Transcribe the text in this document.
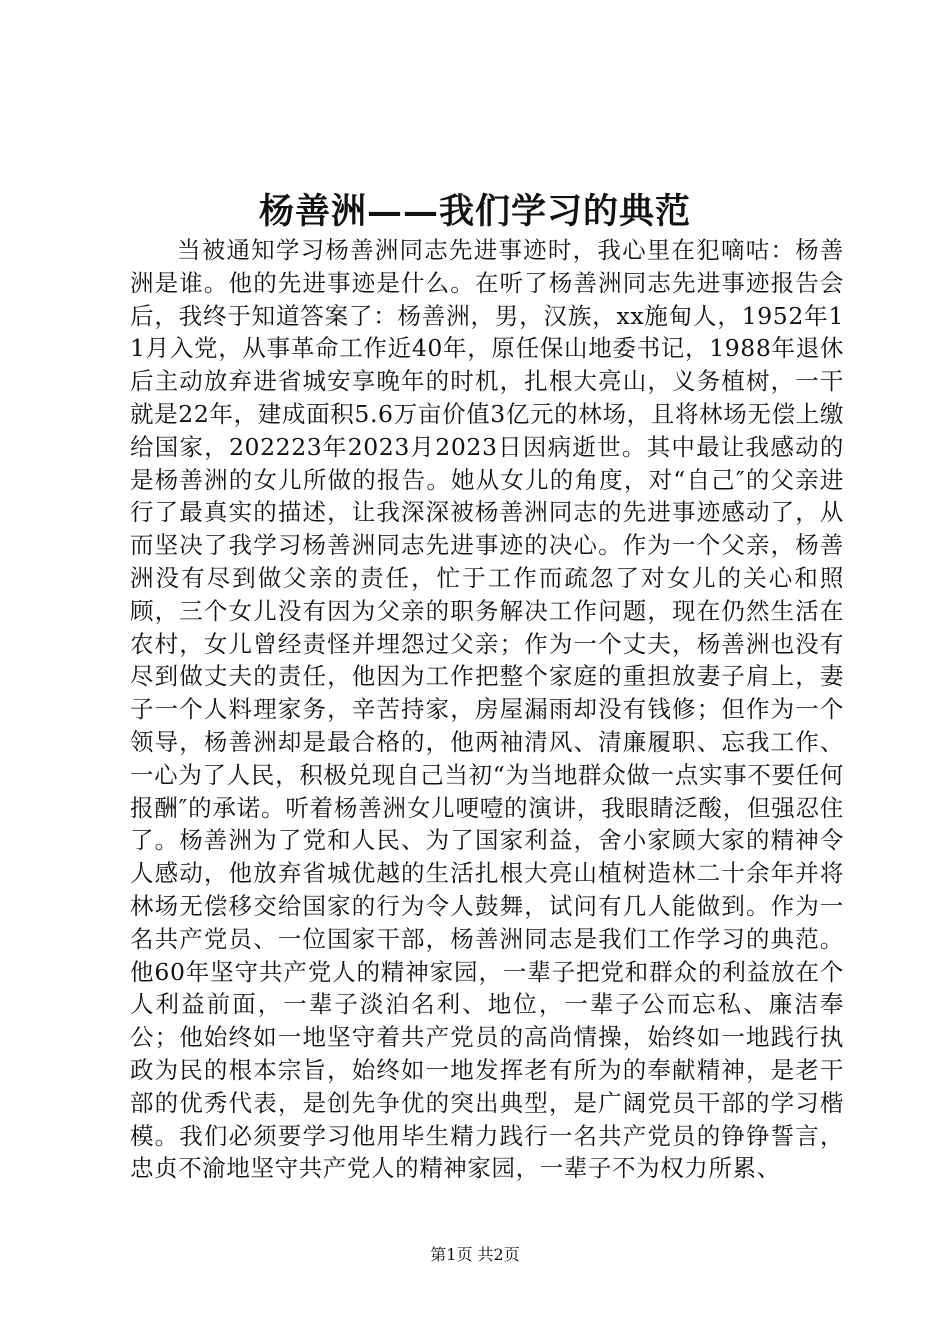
杨善洲——我们学习的典范

当被通知学习杨善洲同志先进事迹时，我心里在犯嘀咕：杨善洲是谁。他的先进事迹是什么。在听了杨善洲同志先进事迹报告会后，我终于知道答案了：杨善洲，男，汉族，xx施甸人，1952年11月入党，从事革命工作近40年，原任保山地委书记，1988年退休后主动放弃进省城安享晚年的时机，扎根大亮山，义务植树，一干就是22年，建成面积5.6万亩价值3亿元的林场，且将林场无偿上缴给国家，202223年2023月2023日因病逝世。其中最让我感动的是杨善洲的女儿所做的报告。她从女儿的角度，对“自己″的父亲进行了最真实的描述，让我深深被杨善洲同志的先进事迹感动了，从而坚决了我学习杨善洲同志先进事迹的决心。作为一个父亲，杨善洲没有尽到做父亲的责任，忙于工作而疏忽了对女儿的关心和照顾，三个女儿没有因为父亲的职务解决工作问题，现在仍然生活在农村，女儿曾经责怪并埋怨过父亲；作为一个丈夫，杨善洲也没有尽到做丈夫的责任，他因为工作把整个家庭的重担放妻子肩上，妻子一个人料理家务，辛苦持家，房屋漏雨却没有钱修；但作为一个领导，杨善洲却是最合格的，他两袖清风、清廉履职、忘我工作、一心为了人民，积极兑现自己当初“为当地群众做一点实事不要任何报酬″的承诺。听着杨善洲女儿哽噎的演讲，我眼睛泛酸，但强忍住了。杨善洲为了党和人民、为了国家利益，舍小家顾大家的精神令人感动，他放弃省城优越的生活扎根大亮山植树造林二十余年并将林场无偿移交给国家的行为令人鼓舞，试问有几人能做到。作为一名共产党员、一位国家干部，杨善洲同志是我们工作学习的典范。他60年坚守共产党人的精神家园，一辈子把党和群众的利益放在个人利益前面，一辈子淡泊名利、地位，一辈子公而忘私、廉洁奉公；他始终如一地坚守着共产党员的高尚情操，始终如一地践行执政为民的根本宗旨，始终如一地发挥老有所为的奉献精神，是老干部的优秀代表，是创先争优的突出典型，是广阔党员干部的学习楷模。我们必须要学习他用毕生精力践行一名共产党员的铮铮誓言，忠贞不渝地坚守共产党人的精神家园，一辈子不为权力所累、

第1页 共2页
